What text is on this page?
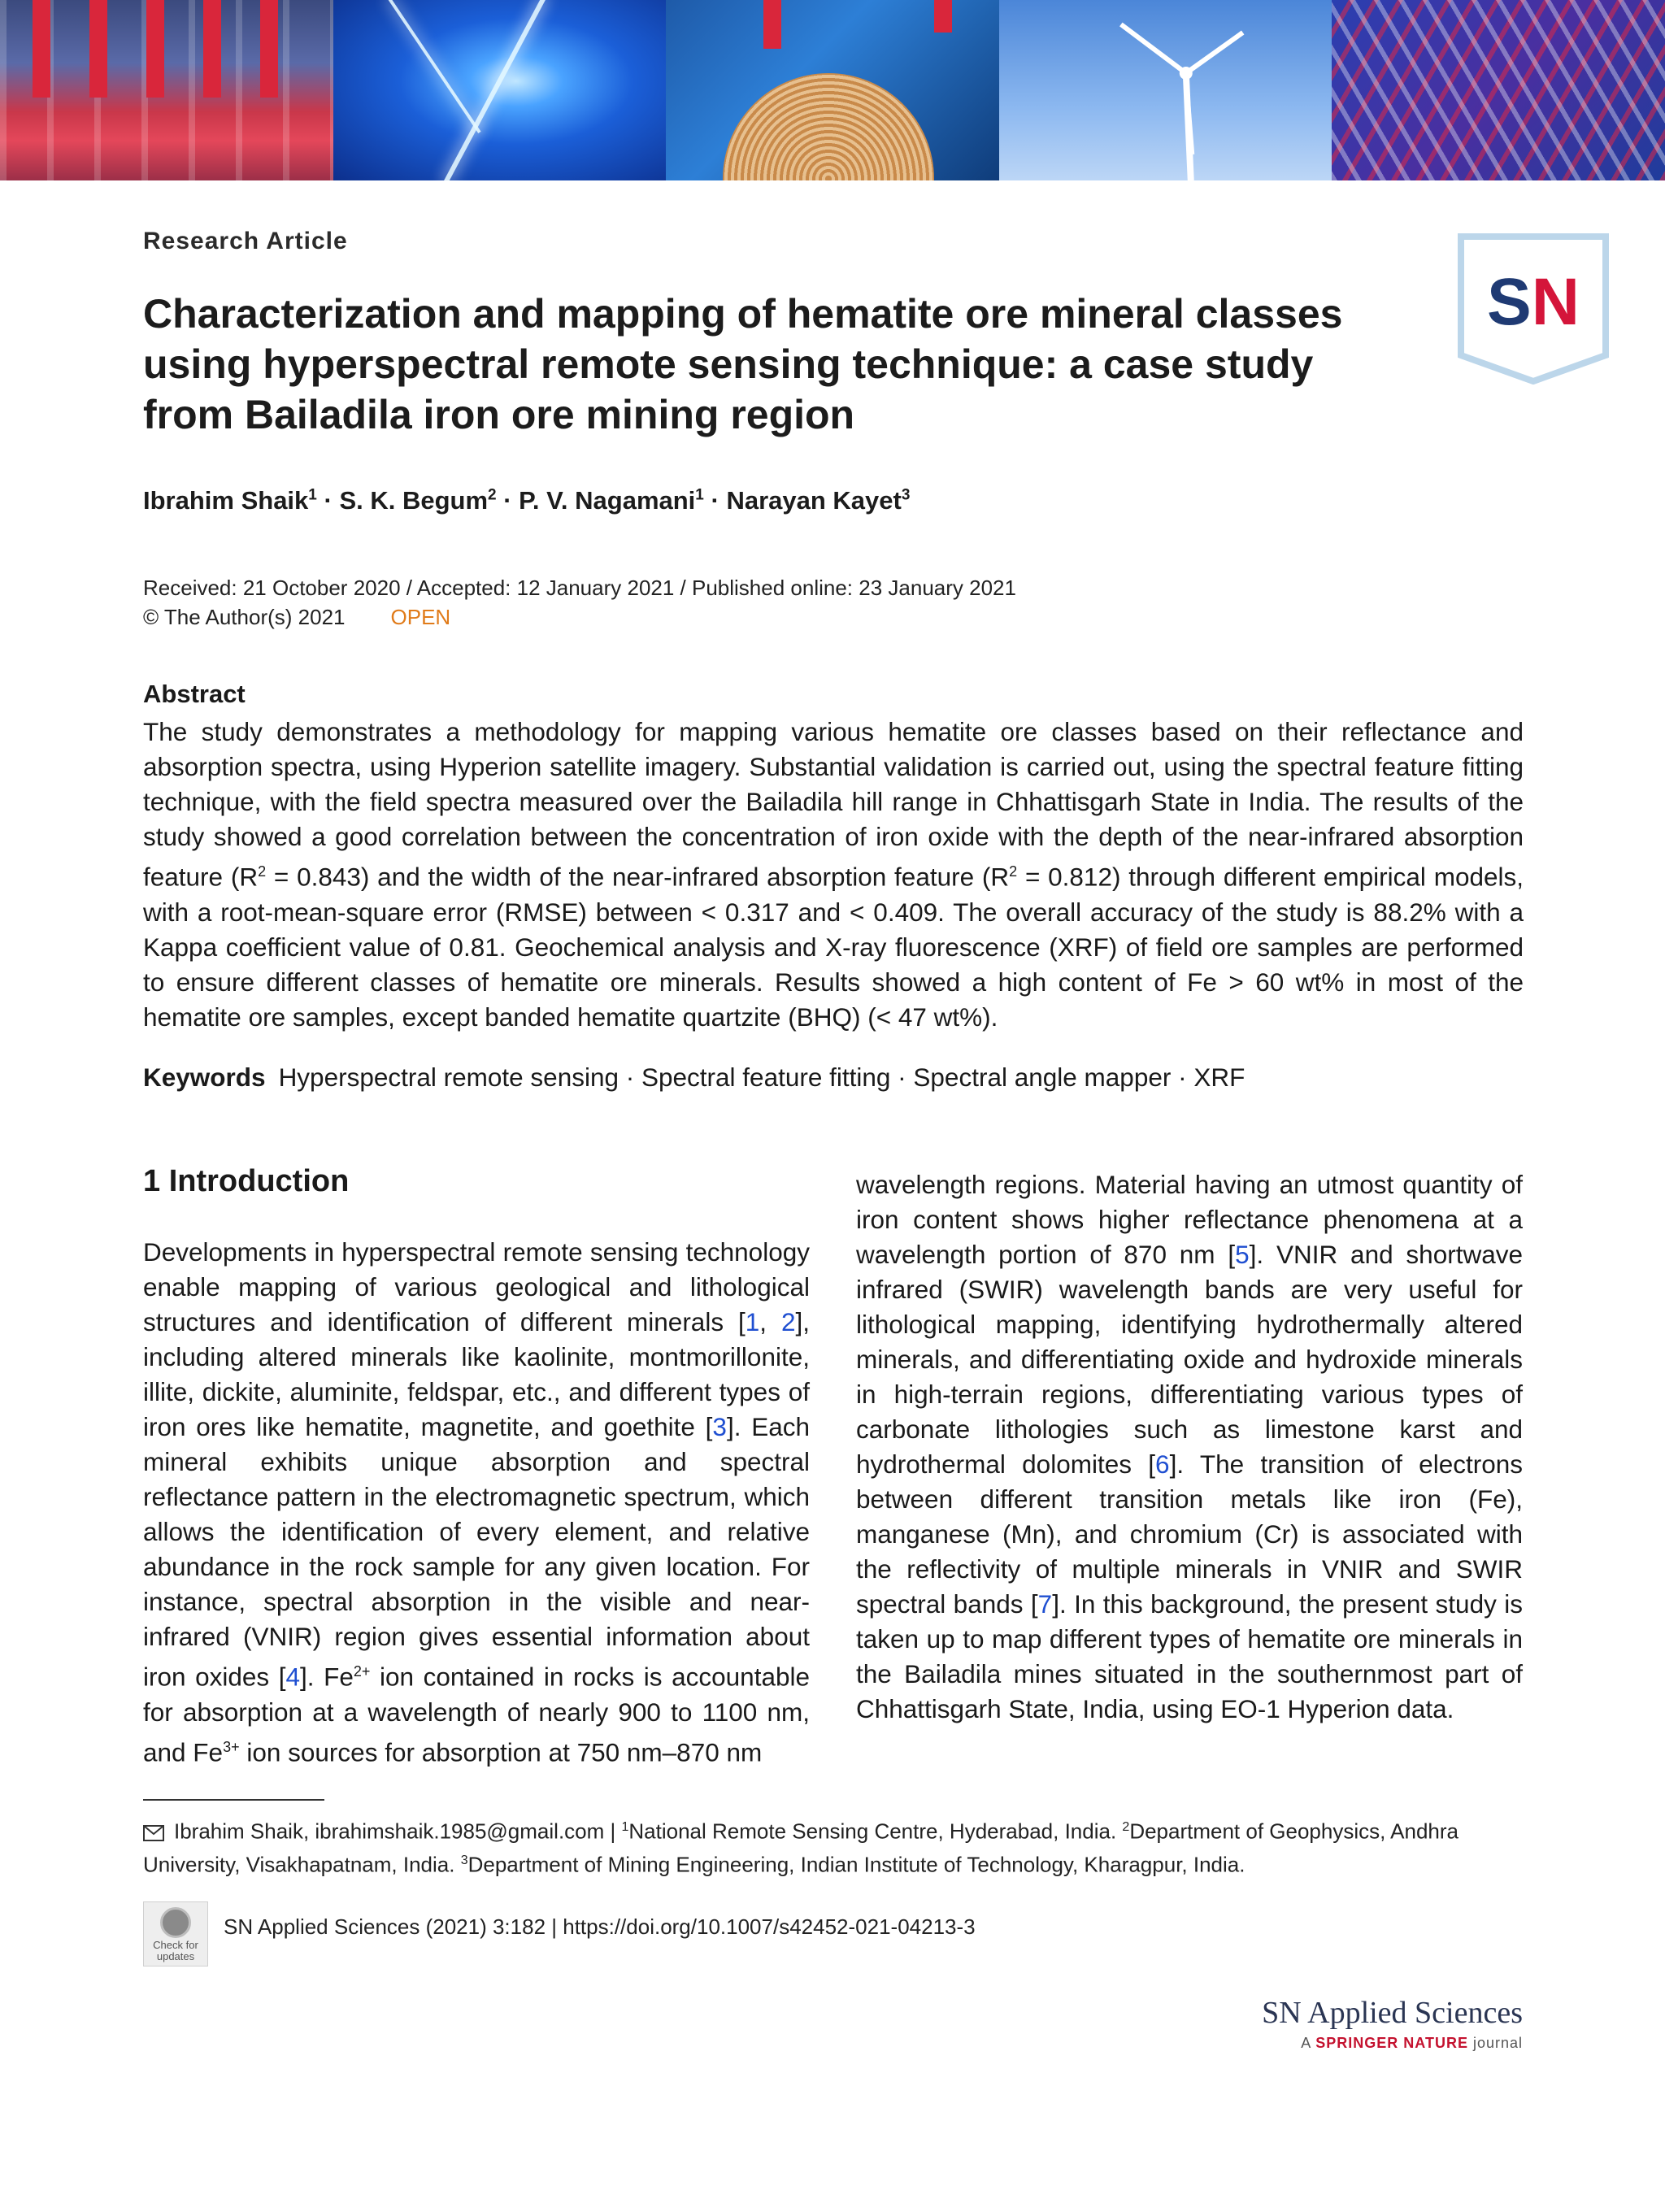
Research Article
Characterization and mapping of hematite ore mineral classes using hyperspectral remote sensing technique: a case study from Bailadila iron ore mining region
SN
Ibrahim Shaik$^1$ · S. K. Begum$^2$ · P. V. Nagamani$^1$ · Narayan Kayet$^3$
Received: 21 October 2020 / Accepted: 12 January 2021 / Published online: 23 January 2021
© The Author(s) 2021 OPEN
Abstract
The study demonstrates a methodology for mapping various hematite ore classes based on their reflectance and absorption spectra, using Hyperion satellite imagery. Substantial validation is carried out, using the spectral feature fitting technique, with the field spectra measured over the Bailadila hill range in Chhattisgarh State in India. The results of the study showed a good correlation between the concentration of iron oxide with the depth of the near-infrared absorption feature $(R^2 = 0.843)$ and the width of the near-infrared absorption feature $(R^2 = 0.812)$ through different empirical models, with a root-mean-square error (RMSE) between < 0.317 and < 0.409. The overall accuracy of the study is 88.2% with a Kappa coefficient value of 0.81. Geochemical analysis and X-ray fluorescence (XRF) of field ore samples are performed to ensure different classes of hematite ore minerals. Results showed a high content of Fe > 60 wt% in most of the hematite ore samples, except banded hematite quartzite (BHQ) (< 47 wt%).
Keywords Hyperspectral remote sensing · Spectral feature fitting · Spectral angle mapper · XRF
1 Introduction
Developments in hyperspectral remote sensing technology enable mapping of various geological and lithological structures and identification of different minerals [1, 2], including altered minerals like kaolinite, montmorillonite, illite, dickite, aluminite, feldspar, etc., and different types of iron ores like hematite, magnetite, and goethite [3]. Each mineral exhibits unique absorption and spectral reflectance pattern in the electromagnetic spectrum, which allows the identification of every element, and relative abundance in the rock sample for any given location. For instance, spectral absorption in the visible and near-infrared (VNIR) region gives essential information about iron oxides [4]. $Fe^{2+}$ ion contained in rocks is accountable for absorption at a wavelength of nearly 900 to 1100 nm, and $Fe^{3+}$ ion sources for absorption at 750 nm–870 nm
wavelength regions. Material having an utmost quantity of iron content shows higher reflectance phenomena at a wavelength portion of 870 nm [5]. VNIR and shortwave infrared (SWIR) wavelength bands are very useful for lithological mapping, identifying hydrothermally altered minerals, and differentiating oxide and hydroxide minerals in high-terrain regions, differentiating various types of carbonate lithologies such as limestone karst and hydrothermal dolomites [6]. The transition of electrons between different transition metals like iron (Fe), manganese (Mn), and chromium (Cr) is associated with the reflectivity of multiple minerals in VNIR and SWIR spectral bands [7]. In this background, the present study is taken up to map different types of hematite ore minerals in the Bailadila mines situated in the southernmost part of Chhattisgarh State, India, using EO-1 Hyperion data.
Ibrahim Shaik, ibrahimshaik.1985@gmail.com | $^1$National Remote Sensing Centre, Hyderabad, India. $^2$Department of Geophysics, Andhra University, Visakhapatnam, India. $^3$Department of Mining Engineering, Indian Institute of Technology, Kharagpur, India.
Check for updates
SN Applied Sciences (2021) 3:182 | https://doi.org/10.1007/s42452-021-04213-3
SN Applied Sciences
A SPRINGER NATURE journal
